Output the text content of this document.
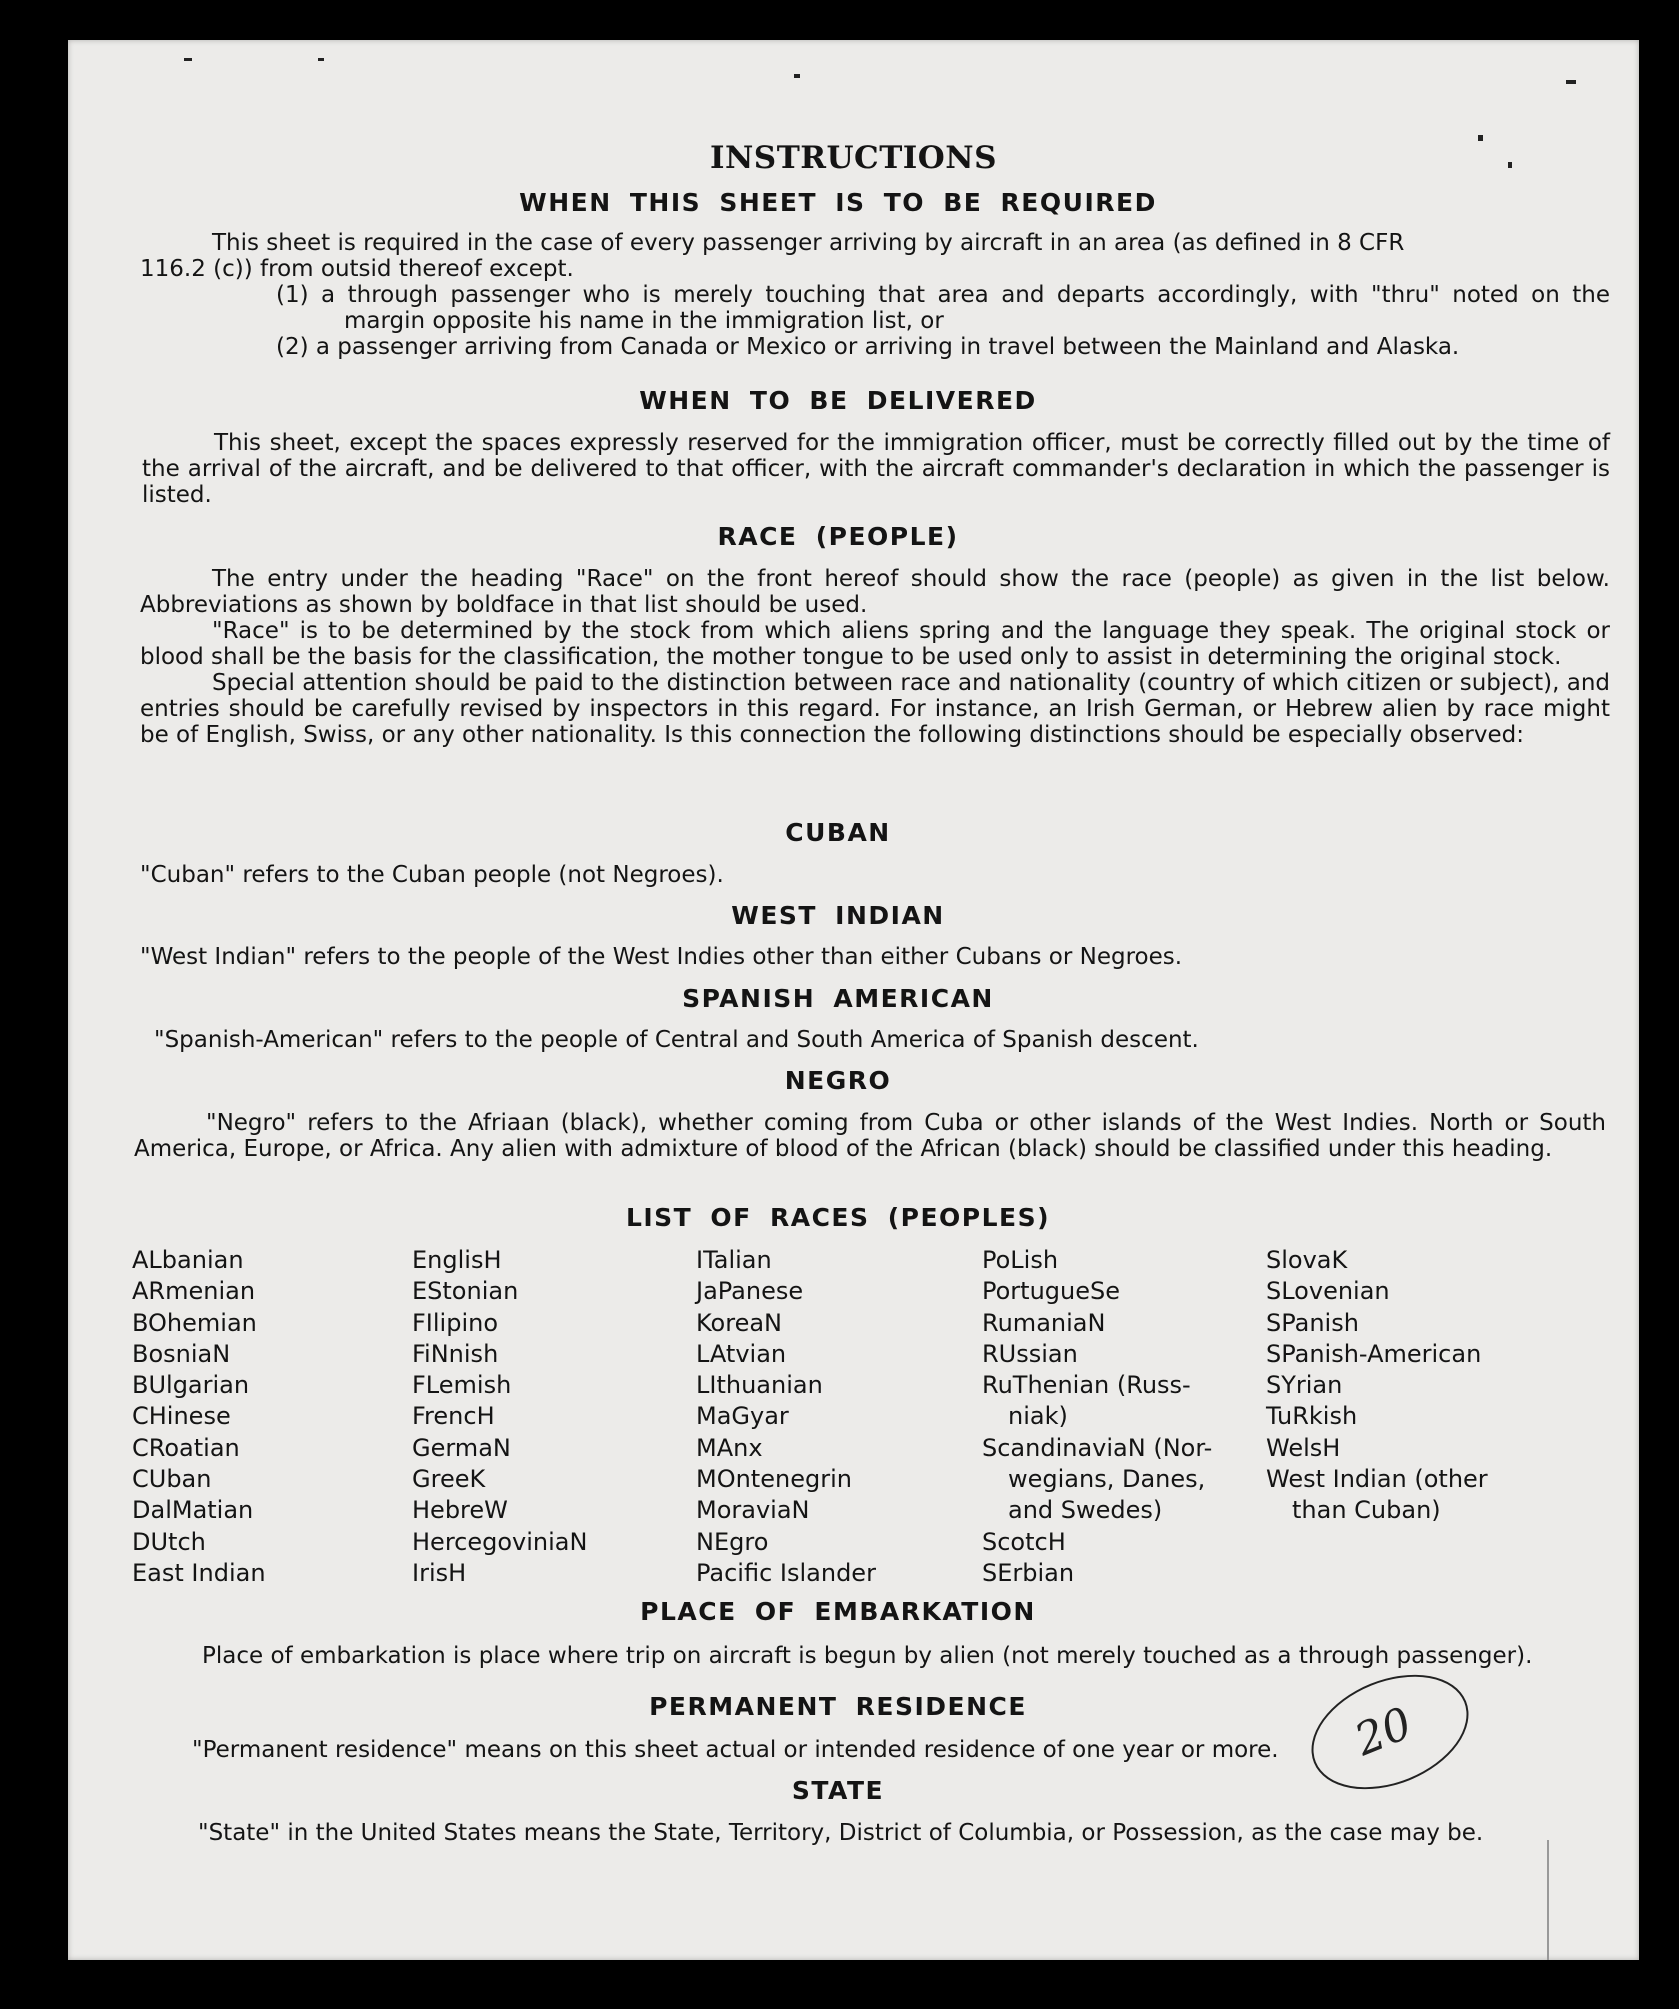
INSTRUCTIONS
WHEN THIS SHEET IS TO BE REQUIRED

This sheet is required in the case of every passenger arriving by aircraft in an area (as defined in 8 CFR

116.2 (c)) from outsid thereof except.

(1) a through passenger who is merely touching that area and departs accordingly, with "thru" noted on the margin opposite his name in the immigration list, or

(2) a passenger arriving from Canada or Mexico or arriving in travel between the Mainland and Alaska.

WHEN TO BE DELIVERED
This sheet, except the spaces expressly reserved for the immigration officer, must be correctly filled out by the time of the arrival of the aircraft, and be delivered to that officer, with the aircraft commander's declaration in which the passenger is listed.
RACE (PEOPLE)

The entry under the heading "Race" on the front hereof should show the race (people) as given in the list below. Abbreviations as shown by boldface in that list should be used.

"Race" is to be determined by the stock from which aliens spring and the language they speak. The original stock or blood shall be the basis for the classification, the mother tongue to be used only to assist in determining the original stock.

Special attention should be paid to the distinction between race and nationality (country of which citizen or subject), and entries should be carefully revised by inspectors in this regard. For instance, an Irish German, or Hebrew alien by race might be of English, Swiss, or any other nationality. Is this connection the following distinctions should be especially observed:

CUBAN
"Cuban" refers to the Cuban people (not Negroes).
WEST INDIAN
"West Indian" refers to the people of the West Indies other than either Cubans or Negroes.
SPANISH AMERICAN
"Spanish-American" refers to the people of Central and South America of Spanish descent.
NEGRO
"Negro" refers to the Afriaan (black), whether coming from Cuba or other islands of the West Indies. North or South America, Europe, or Africa. Any alien with admixture of blood of the African (black) should be classified under this heading.
LIST OF RACES (PEOPLES)
ALbanian
ARmenian
BOhemian
BosniaN
BUlgarian
CHinese
CRoatian
CUban
DalMatian
DUtch
East Indian
EnglisH
EStonian
FIlipino
FiNnish
FLemish
FrencH
GermaN
GreeK
HebreW
HercegoviniaN
IrisH
ITalian
JaPanese
KoreaN
LAtvian
LIthuanian
MaGyar
MAnx
MOntenegrin
MoraviaN
NEgro
Pacific Islander
PoLish
PortugueSe
RumaniaN
RUssian
RuThenian (Russ-
niak)
ScandinaviaN (Nor-
wegians, Danes,
and Swedes)
ScotcH
SErbian
SlovaK
SLovenian
SPanish
SPanish-American
SYrian
TuRkish
WelsH
West Indian (other
than Cuban)
PLACE OF EMBARKATION
Place of embarkation is place where trip on aircraft is begun by alien (not merely touched as a through passenger).
PERMANENT RESIDENCE
"Permanent residence" means on this sheet actual or intended residence of one year or more.
STATE
"State" in the United States means the State, Territory, District of Columbia, or Possession, as the case may be.
20
